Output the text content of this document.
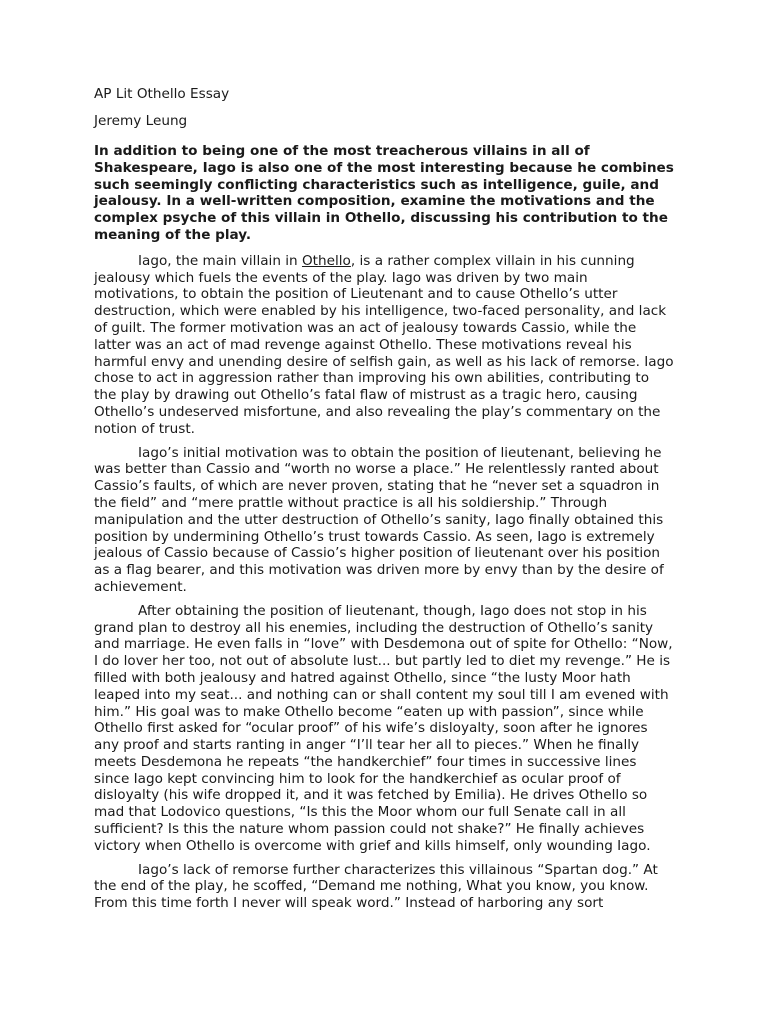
AP Lit Othello Essay
Jeremy Leung
In addition to being one of the most treacherous villains in all of Shakespeare, Iago is also one of the most interesting because he combines such seemingly conflicting characteristics such as intelligence, guile, and jealousy. In a well-written composition, examine the motivations and the complex psyche of this villain in Othello, discussing his contribution to the meaning of the play.

Iago, the main villain in Othello, is a rather complex villain in his cunning jealousy which fuels the events of the play. Iago was driven by two main motivations, to obtain the position of Lieutenant and to cause Othello’s utter destruction, which were enabled by his intelligence, two-faced personality, and lack of guilt. The former motivation was an act of jealousy towards Cassio, while the latter was an act of mad revenge against Othello. These motivations reveal his harmful envy and unending desire of selfish gain, as well as his lack of remorse. Iago chose to act in aggression rather than improving his own abilities, contributing to the play by drawing out Othello’s fatal flaw of mistrust as a tragic hero, causing Othello’s undeserved misfortune, and also revealing the play’s commentary on the notion of trust.

Iago’s initial motivation was to obtain the position of lieutenant, believing he was better than Cassio and “worth no worse a place.” He relentlessly ranted about Cassio’s faults, of which are never proven, stating that he “never set a squadron in the field” and “mere prattle without practice is all his soldiership.” Through manipulation and the utter destruction of Othello’s sanity, Iago finally obtained this position by undermining Othello’s trust towards Cassio. As seen, Iago is extremely jealous of Cassio because of Cassio’s higher position of lieutenant over his position as a flag bearer, and this motivation was driven more by envy than by the desire of achievement.

After obtaining the position of lieutenant, though, Iago does not stop in his grand plan to destroy all his enemies, including the destruction of Othello’s sanity and marriage. He even falls in “love” with Desdemona out of spite for Othello: “Now, I do lover her too, not out of absolute lust... but partly led to diet my revenge.” He is filled with both jealousy and hatred against Othello, since “the lusty Moor hath leaped into my seat... and nothing can or shall content my soul till I am evened with him.” His goal was to make Othello become “eaten up with passion”, since while Othello first asked for “ocular proof” of his wife’s disloyalty, soon after he ignores any proof and starts ranting in anger “I’ll tear her all to pieces.” When he finally meets Desdemona he repeats “the handkerchief” four times in successive lines since Iago kept convincing him to look for the handkerchief as ocular proof of disloyalty (his wife dropped it, and it was fetched by Emilia). He drives Othello so mad that Lodovico questions, “Is this the Moor whom our full Senate call in all sufficient? Is this the nature whom passion could not shake?” He finally achieves victory when Othello is overcome with grief and kills himself, only wounding Iago.

Iago’s lack of remorse further characterizes this villainous “Spartan dog.” At the end of the play, he scoffed, “Demand me nothing, What you know, you know. From this time forth I never will speak word.” Instead of harboring any sort
